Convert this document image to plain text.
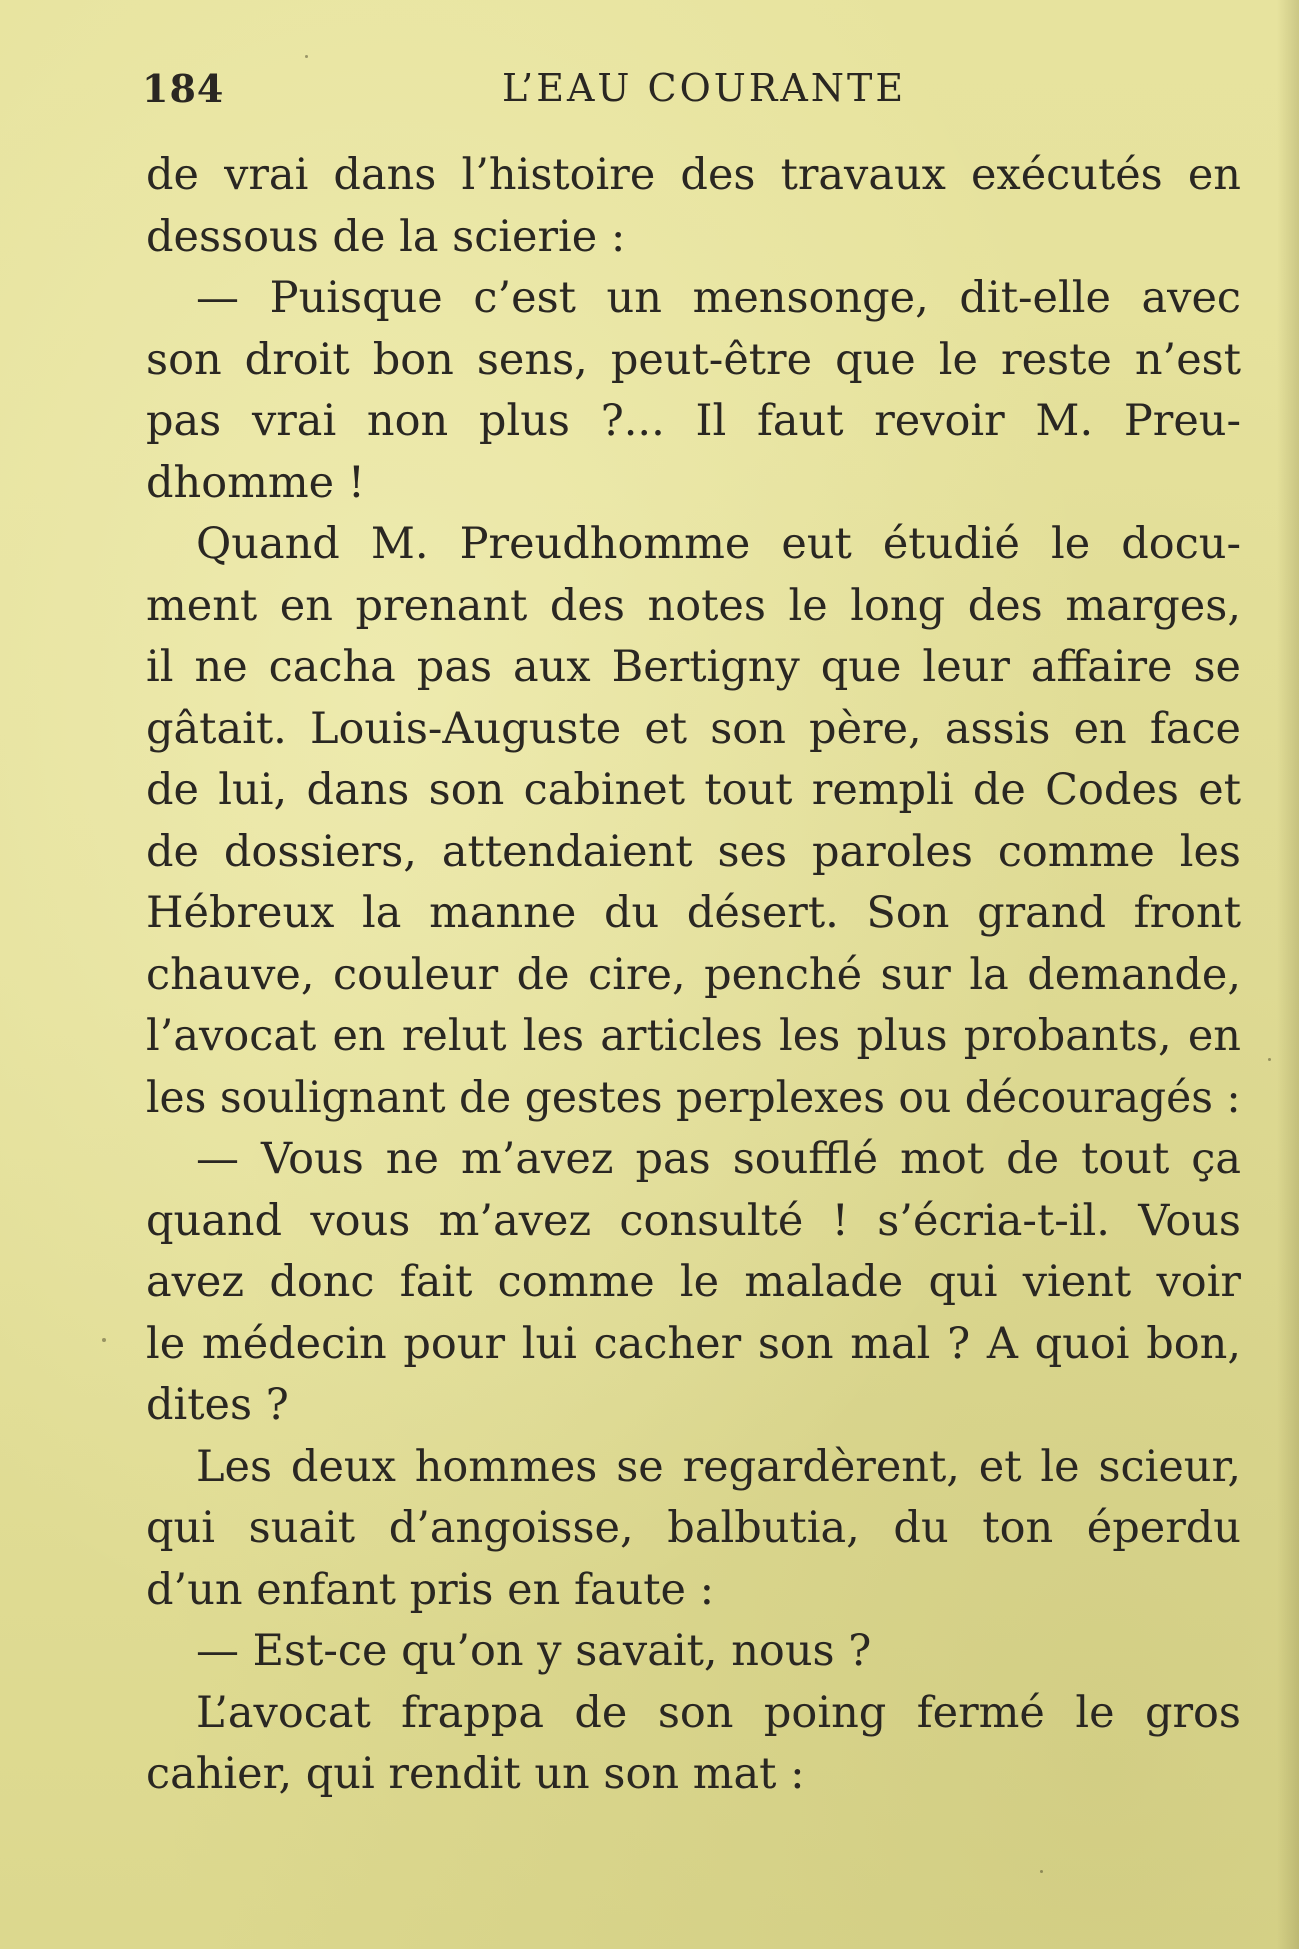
184	L’EAU COURANTE
de vrai dans l’histoire des travaux exécutés en
dessous de la scierie :
— Puisque c’est un mensonge, dit-elle avec
son droit bon sens, peut-être que le reste n’est
pas vrai non plus ?... Il faut revoir M. Preu-
dhomme !
Quand M. Preudhomme eut étudié le docu-
ment en prenant des notes le long des marges,
il ne cacha pas aux Bertigny que leur affaire se
gâtait. Louis-Auguste et son père, assis en face
de lui, dans son cabinet tout rempli de Codes et
de dossiers, attendaient ses paroles comme les
Hébreux la manne du désert. Son grand front
chauve, couleur de cire, penché sur la demande,
l’avocat en relut les articles les plus probants, en
les soulignant de gestes perplexes ou découragés :
— Vous ne m’avez pas soufflé mot de tout ça
quand vous m’avez consulté ! s’écria-t-il. Vous
avez donc fait comme le malade qui vient voir
le médecin pour lui cacher son mal ? A quoi bon,
dites ?
Les deux hommes se regardèrent, et le scieur,
qui suait d’angoisse, balbutia, du ton éperdu
d’un enfant pris en faute :
— Est-ce qu’on y savait, nous ?
L’avocat frappa de son poing fermé le gros
cahier, qui rendit un son mat :
